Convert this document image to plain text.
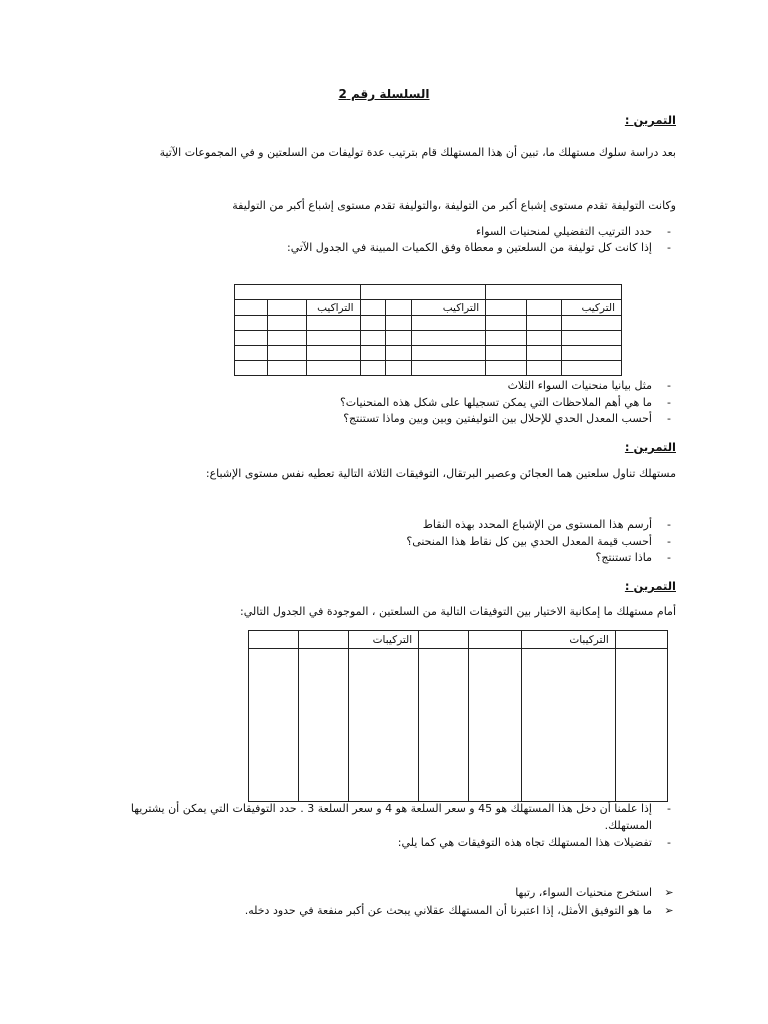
السلسلة رقم 2
التمرين :
بعد دراسة سلوك مستهلك ما، تبين أن هذا المستهلك قام بترتيب عدة توليفات من السلعتين و في المجموعات الآتية
وكانت التوليفة تقدم مستوى إشباع أكبر من التوليفة ،والتوليفة تقدم مستوى إشباع أكبر من التوليفة
-حدد الترتيب التفضيلي لمنحنيات السواء
-إذا كانت كل توليفة من السلعتين و معطاة وفق الكميات المبينة في الجدول الآتي:

		التراكيب			التراكيب			التركيب

-مثل بيانيا منحنيات السواء الثلاث
-ما هي أهم الملاحظات التي يمكن تسجيلها على شكل هذه المنحنيات؟
-أحسب المعدل الحدي للإحلال بين التوليفتين وبين وبين وماذا تستنتج؟
التمرين :
مستهلك تناول سلعتين هما العجائن وعصير البرتقال، التوفيقات الثلاثة التالية تعطيه نفس مستوى الإشباع:
-أرسم هذا المستوى من الإشباع المحدد بهذه النقاط
-أحسب قيمة المعدل الحدي بين كل نقاط هذا المنحنى؟
-ماذا تستنتج؟
التمرين :
أمام مستهلك ما إمكانية الاختيار بين التوفيقات التالية من السلعتين ، الموجودة في الجدول التالي:
		التركيبات			التركيبات	

-إذا علمنا أن دخل هذا المستهلك هو 45 و سعر السلعة هو 4 و سعر السلعة 3 . حدد التوفيقات التي يمكن أن يشتريها
المستهلك.
-تفضيلات هذا المستهلك تجاه هذه التوفيقات هي كما يلي:
➢استخرج منحنيات السواء، رتبها
➢ما هو التوفيق الأمثل، إذا اعتبرنا أن المستهلك عقلاني يبحث عن أكبر منفعة في حدود دخله.
